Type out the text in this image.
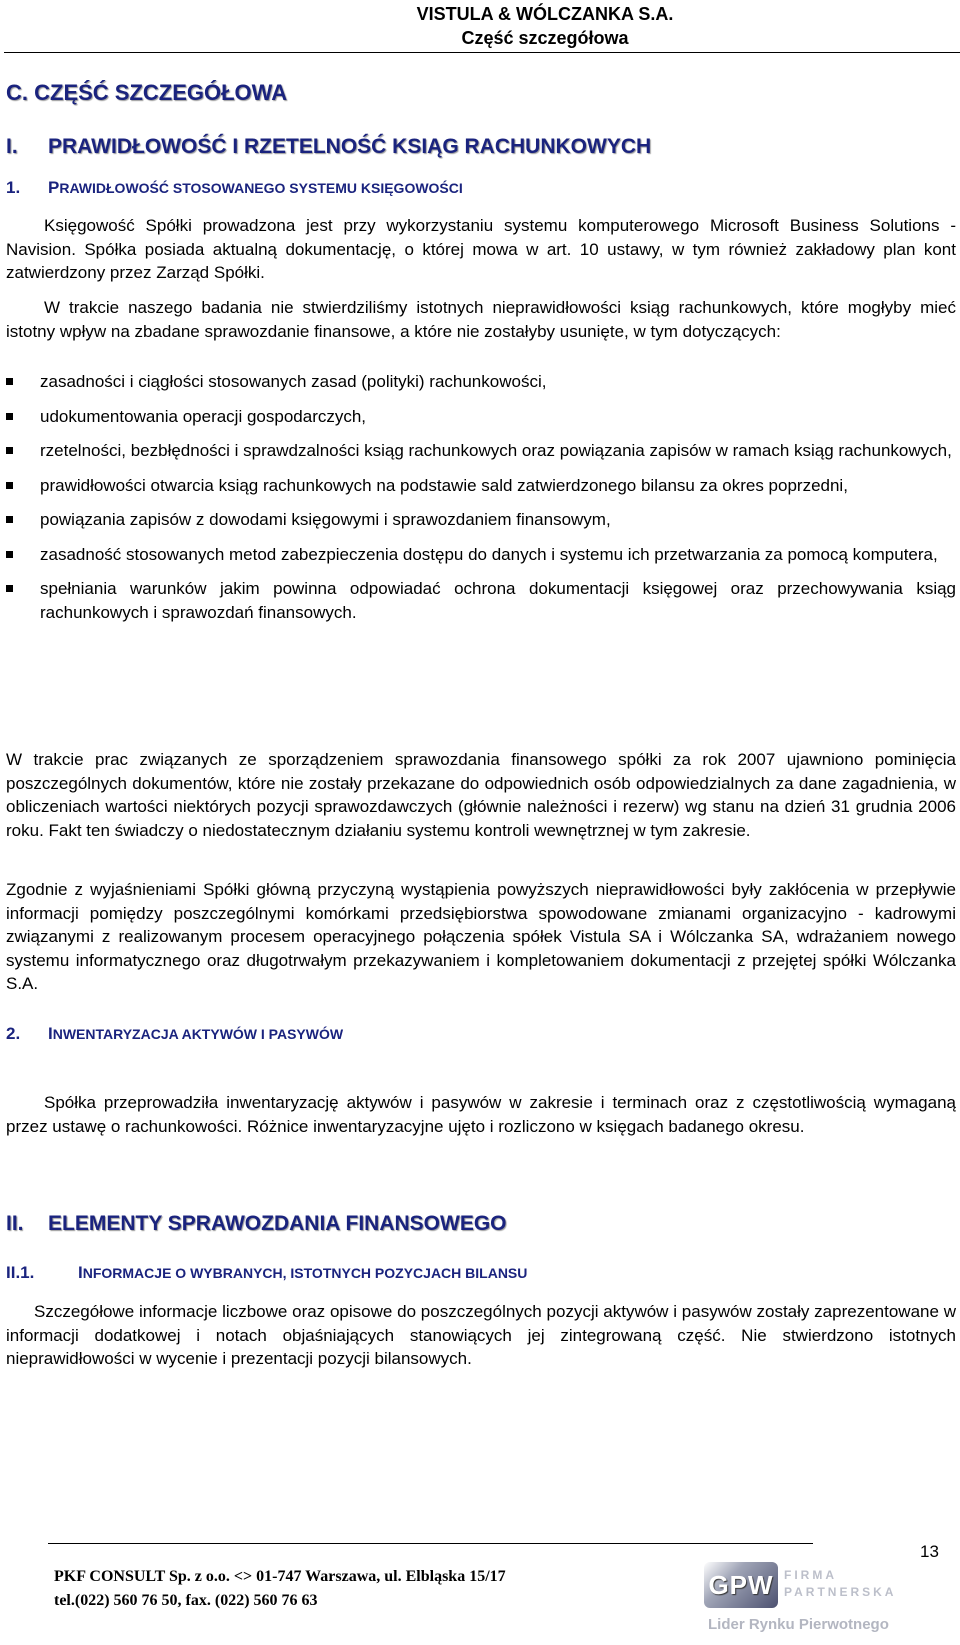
VISTULA & WÓLCZANKA S.A.
Część szczegółowa
C. CZĘŚĆ SZCZEGÓŁOWA
I. PRAWIDŁOWOŚĆ I RZETELNOŚĆ KSIĄG RACHUNKOWYCH
1. PRAWIDŁOWOŚĆ STOSOWANEGO SYSTEMU KSIĘGOWOŚCI
Księgowość Spółki prowadzona jest przy wykorzystaniu systemu komputerowego Microsoft Business Solutions - Navision. Spółka posiada aktualną dokumentację, o której mowa w art. 10 ustawy, w tym również zakładowy plan kont zatwierdzony przez Zarząd Spółki.
W trakcie naszego badania nie stwierdziliśmy istotnych nieprawidłowości ksiąg rachunkowych, które mogłyby mieć istotny wpływ na zbadane sprawozdanie finansowe, a które nie zostałyby usunięte, w tym dotyczących:
zasadności i ciągłości stosowanych zasad (polityki) rachunkowości,
udokumentowania operacji gospodarczych,
rzetelności, bezbłędności i sprawdzalności ksiąg rachunkowych oraz powiązania zapisów w ramach ksiąg rachunkowych,
prawidłowości otwarcia ksiąg rachunkowych na podstawie sald zatwierdzonego bilansu za okres poprzedni,
powiązania zapisów z dowodami księgowymi i sprawozdaniem finansowym,
zasadność stosowanych metod zabezpieczenia dostępu do danych i systemu ich przetwarzania za pomocą komputera,
spełniania warunków jakim powinna odpowiadać ochrona dokumentacji księgowej oraz przechowywania ksiąg rachunkowych i sprawozdań finansowych.
W trakcie prac związanych ze sporządzeniem sprawozdania finansowego spółki za rok 2007 ujawniono pominięcia poszczególnych dokumentów, które nie zostały przekazane do odpowiednich osób odpowiedzialnych za dane zagadnienia, w obliczeniach wartości niektórych pozycji sprawozdawczych (głównie należności i rezerw) wg stanu na dzień 31 grudnia 2006 roku. Fakt ten świadczy o niedostatecznym działaniu systemu kontroli wewnętrznej w tym zakresie.
Zgodnie z wyjaśnieniami Spółki główną przyczyną wystąpienia powyższych nieprawidłowości były zakłócenia w przepływie informacji pomiędzy poszczególnymi komórkami przedsiębiorstwa spowodowane zmianami organizacyjno - kadrowymi związanymi z realizowanym procesem operacyjnego połączenia spółek Vistula SA i Wólczanka SA, wdrażaniem nowego systemu informatycznego oraz długotrwałym przekazywaniem i kompletowaniem dokumentacji z przejętej spółki Wólczanka S.A.
2. INWENTARYZACJA AKTYWÓW I PASYWÓW
Spółka przeprowadziła inwentaryzację aktywów i pasywów w zakresie i terminach oraz z częstotliwością wymaganą przez ustawę o rachunkowości. Różnice inwentaryzacyjne ujęto i rozliczono w księgach badanego okresu.
II. ELEMENTY SPRAWOZDANIA FINANSOWEGO
II.1.	INFORMACJE O WYBRANYCH, ISTOTNYCH POZYCJACH BILANSU
Szczegółowe informacje liczbowe oraz opisowe do poszczególnych pozycji aktywów i pasywów zostały zaprezentowane w informacji dodatkowej i notach objaśniających stanowiących jej zintegrowaną część. Nie stwierdzono istotnych nieprawidłowości w wycenie i prezentacji pozycji bilansowych.
13
PKF CONSULT Sp. z o.o. <> 01-747 Warszawa, ul. Elbląska 15/17
tel.(022) 560 76 50, fax. (022) 560 76 63
GPW FIRMA
PARTNERSKA
Lider Rynku Pierwotnego
